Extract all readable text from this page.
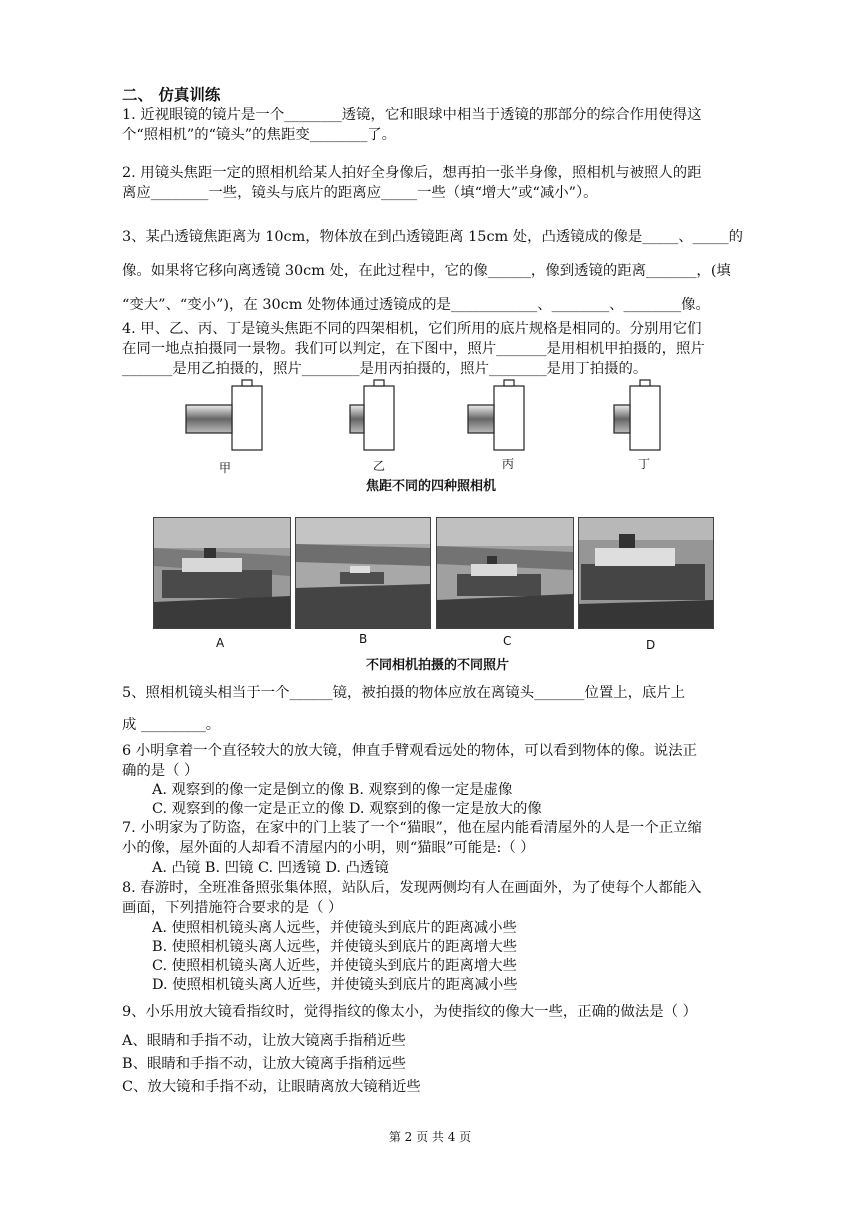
二、 仿真训练
1. 近视眼镜的镜片是一个________透镜，它和眼球中相当于透镜的那部分的综合作用使得这
个“照相机”的“镜头”的焦距变________了。
2. 用镜头焦距一定的照相机给某人拍好全身像后，想再拍一张半身像，照相机与被照人的距
离应________一些，镜头与底片的距离应_____一些（填“增大”或“减小”）。
3、某凸透镜焦距离为 10cm，物体放在到凸透镜距离 15cm 处，凸透镜成的像是_____、_____的
像。如果将它移向离透镜 30cm 处，在此过程中，它的像______，像到透镜的距离_______，(填
“变大”、“变小”)，在 30cm 处物体通过透镜成的是____________、________、________像。
4. 甲、乙、丙、丁是镜头焦距不同的四架相机，它们所用的底片规格是相同的。分别用它们
在同一地点拍摄同一景物。我们可以判定，在下图中，照片_______是用相机甲拍摄的，照片
_______是用乙拍摄的，照片________是用丙拍摄的，照片________是用丁拍摄的。
甲	乙	丙	丁
焦距不同的四种照相机
A	B	C	D
不同相机拍摄的不同照片
5、照相机镜头相当于一个______镜，被拍摄的物体应放在离镜头_______位置上，底片上
成 _________。
6 小明拿着一个直径较大的放大镜，伸直手臂观看远处的物体，可以看到物体的像。说法正
确的是（ ）
A. 观察到的像一定是倒立的像 B. 观察到的像一定是虚像
C. 观察到的像一定是正立的像 D. 观察到的像一定是放大的像
7. 小明家为了防盗，在家中的门上装了一个“猫眼”，他在屋内能看清屋外的人是一个正立缩
小的像，屋外面的人却看不清屋内的小明，则“猫眼”可能是:（ ）
A. 凸镜 B. 凹镜 C. 凹透镜 D. 凸透镜
8. 春游时，全班准备照张集体照，站队后，发现两侧均有人在画面外，为了使每个人都能入
画面，下列措施符合要求的是（ ）
A. 使照相机镜头离人远些，并使镜头到底片的距离减小些
B. 使照相机镜头离人远些，并使镜头到底片的距离增大些
C. 使照相机镜头离人近些，并使镜头到底片的距离增大些
D. 使照相机镜头离人近些，并使镜头到底片的距离减小些
9、小乐用放大镜看指纹时，觉得指纹的像太小，为使指纹的像大一些，正确的做法是（ ）
A、眼睛和手指不动，让放大镜离手指稍近些
B、眼睛和手指不动，让放大镜离手指稍远些
C、放大镜和手指不动，让眼睛离放大镜稍近些
第 2 页 共 4 页
